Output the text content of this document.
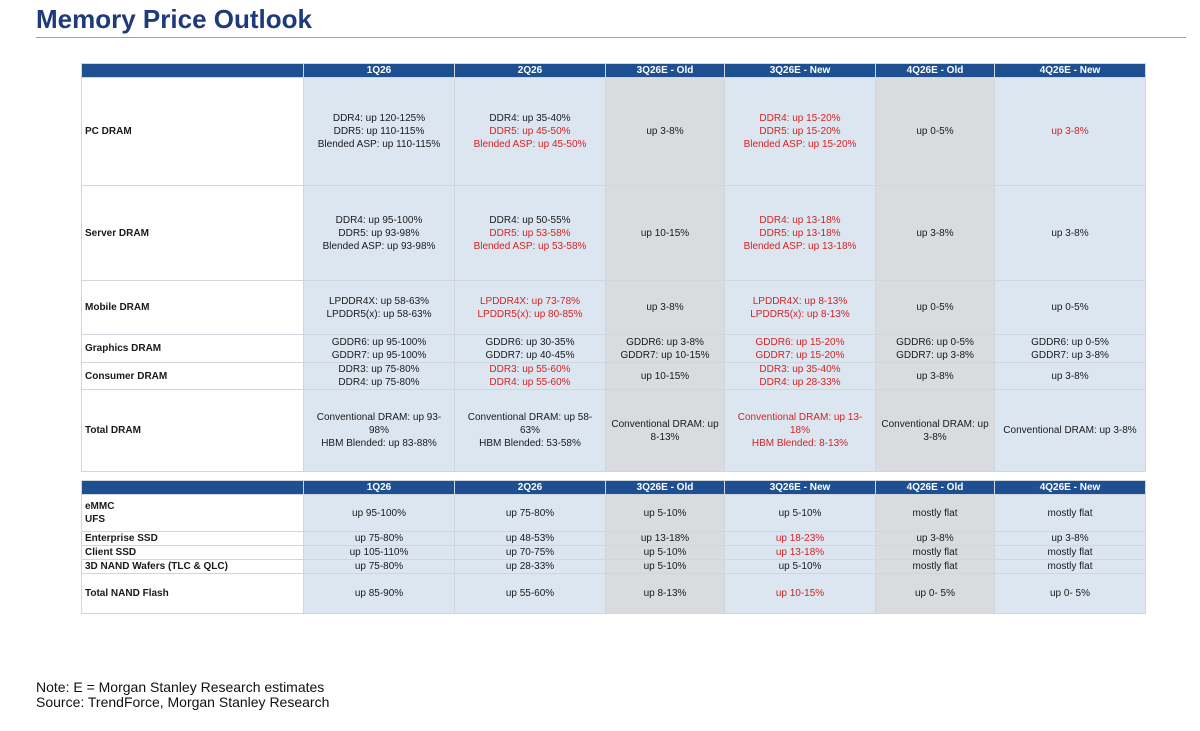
Memory Price Outlook
	1Q26	2Q26	3Q26E - Old	3Q26E - New	4Q26E - Old	4Q26E - New
PC DRAM	DDR4: up 120-125%
DDR5: up 110-115%
Blended ASP: up 110-115%	DDR4: up 35-40%
DDR5: up 45-50%
Blended ASP: up 45-50%	up 3-8%	DDR4: up 15-20%
DDR5: up 15-20%
Blended ASP: up 15-20%	up 0-5%	up 3-8%

Server DRAM	DDR4: up 95-100%
DDR5: up 93-98%
Blended ASP: up 93-98%	DDR4: up 50-55%
DDR5: up 53-58%
Blended ASP: up 53-58%	up 10-15%	DDR4: up 13-18%
DDR5: up 13-18%
Blended ASP: up 13-18%	up 3-8%	up 3-8%

Mobile DRAM	LPDDR4X: up 58-63%
LPDDR5(x): up 58-63%	LPDDR4X: up 73-78%
LPDDR5(x): up 80-85%	up 3-8%	LPDDR4X: up 8-13%
LPDDR5(x): up 8-13%	up 0-5%	up 0-5%

Graphics DRAM	GDDR6: up 95-100%
GDDR7: up 95-100%	GDDR6: up 30-35%
GDDR7: up 40-45%	GDDR6: up 3-8%
GDDR7: up 10-15%	GDDR6: up 15-20%
GDDR7: up 15-20%	GDDR6: up 0-5%
GDDR7: up 3-8%	GDDR6: up 0-5%
GDDR7: up 3-8%

Consumer DRAM	DDR3: up 75-80%
DDR4: up 75-80%	DDR3: up 55-60%
DDR4: up 55-60%	up 10-15%	DDR3: up 35-40%
DDR4: up 28-33%	up 3-8%	up 3-8%

Total DRAM	Conventional DRAM: up 93-
98%
HBM Blended: up 83-88%	Conventional DRAM: up 58-
63%
HBM Blended: 53-58%	Conventional DRAM: up
8-13%	Conventional DRAM: up 13-
18%
HBM Blended: 8-13%	Conventional DRAM: up
3-8%	Conventional DRAM: up 3-8%
	1Q26	2Q26	3Q26E - Old	3Q26E - New	4Q26E - Old	4Q26E - New

eMMC
UFS	up 95-100%	up 75-80%	up 5-10%	up 5-10%	mostly flat	mostly flat
Enterprise SSD	up 75-80%	up 48-53%	up 13-18%	up 18-23%	up 3-8%	up 3-8%
Client SSD	up 105-110%	up 70-75%	up 5-10%	up 13-18%	mostly flat	mostly flat
3D NAND Wafers (TLC & QLC)	up 75-80%	up 28-33%	up 5-10%	up 5-10%	mostly flat	mostly flat
Total NAND Flash	up 85-90%	up 55-60%	up 8-13%	up 10-15%	up 0- 5%	up 0- 5%
Note: E = Morgan Stanley Research estimates
Source: TrendForce, Morgan Stanley Research
